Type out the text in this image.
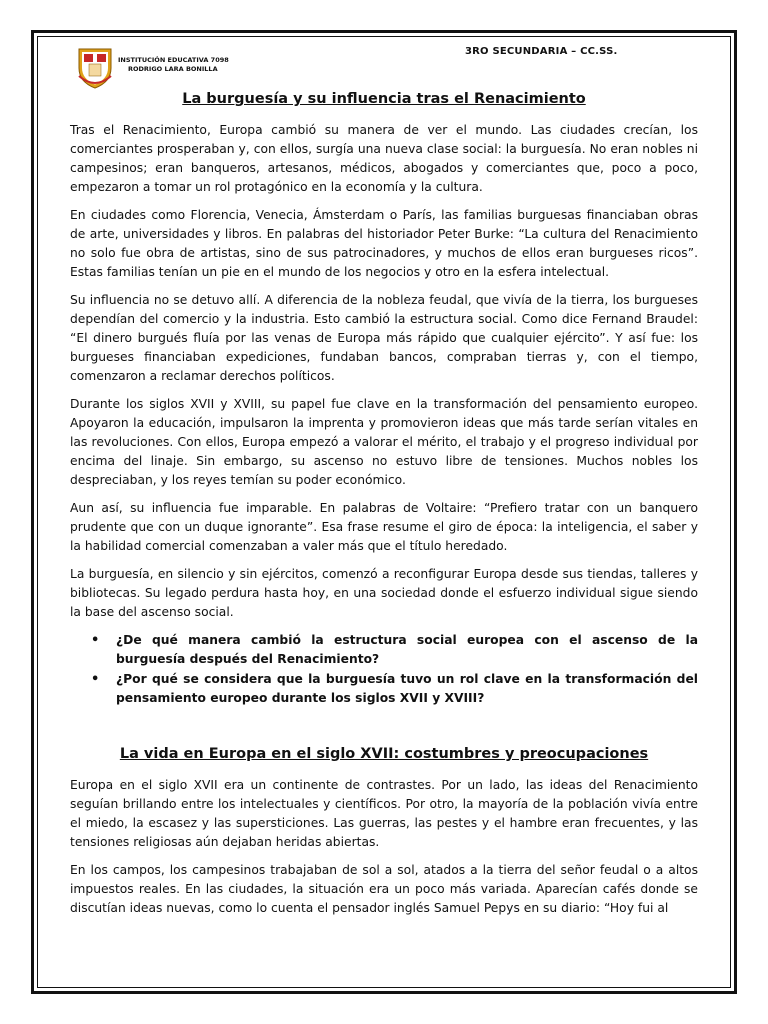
INSTITUCIÓN EDUCATIVA 7098
RODRIGO LARA BONILLA
3RO SECUNDARIA – CC.SS.
La burguesía y su influencia tras el Renacimiento

Tras el Renacimiento, Europa cambió su manera de ver el mundo. Las ciudades crecían, los comerciantes prosperaban y, con ellos, surgía una nueva clase social: la burguesía. No eran nobles ni campesinos; eran banqueros, artesanos, médicos, abogados y comerciantes que, poco a poco, empezaron a tomar un rol protagónico en la economía y la cultura.

En ciudades como Florencia, Venecia, Ámsterdam o París, las familias burguesas financiaban obras de arte, universidades y libros. En palabras del historiador Peter Burke: “La cultura del Renacimiento no solo fue obra de artistas, sino de sus patrocinadores, y muchos de ellos eran burgueses ricos”. Estas familias tenían un pie en el mundo de los negocios y otro en la esfera intelectual.

Su influencia no se detuvo allí. A diferencia de la nobleza feudal, que vivía de la tierra, los burgueses dependían del comercio y la industria. Esto cambió la estructura social. Como dice Fernand Braudel: “El dinero burgués fluía por las venas de Europa más rápido que cualquier ejército”. Y así fue: los burgueses financiaban expediciones, fundaban bancos, compraban tierras y, con el tiempo, comenzaron a reclamar derechos políticos.

Durante los siglos XVII y XVIII, su papel fue clave en la transformación del pensamiento europeo. Apoyaron la educación, impulsaron la imprenta y promovieron ideas que más tarde serían vitales en las revoluciones. Con ellos, Europa empezó a valorar el mérito, el trabajo y el progreso individual por encima del linaje. Sin embargo, su ascenso no estuvo libre de tensiones. Muchos nobles los despreciaban, y los reyes temían su poder económico.

Aun así, su influencia fue imparable. En palabras de Voltaire: “Prefiero tratar con un banquero prudente que con un duque ignorante”. Esa frase resume el giro de época: la inteligencia, el saber y la habilidad comercial comenzaban a valer más que el título heredado.

La burguesía, en silencio y sin ejércitos, comenzó a reconfigurar Europa desde sus tiendas, talleres y bibliotecas. Su legado perdura hasta hoy, en una sociedad donde el esfuerzo individual sigue siendo la base del ascenso social.

• ¿De qué manera cambió la estructura social europea con el ascenso de la burguesía después del Renacimiento?
• ¿Por qué se considera que la burguesía tuvo un rol clave en la transformación del pensamiento europeo durante los siglos XVII y XVIII?
La vida en Europa en el siglo XVII: costumbres y preocupaciones

Europa en el siglo XVII era un continente de contrastes. Por un lado, las ideas del Renacimiento seguían brillando entre los intelectuales y científicos. Por otro, la mayoría de la población vivía entre el miedo, la escasez y las supersticiones. Las guerras, las pestes y el hambre eran frecuentes, y las tensiones religiosas aún dejaban heridas abiertas.

En los campos, los campesinos trabajaban de sol a sol, atados a la tierra del señor feudal o a altos impuestos reales. En las ciudades, la situación era un poco más variada. Aparecían cafés donde se discutían ideas nuevas, como lo cuenta el pensador inglés Samuel Pepys en su diario: “Hoy fui al
